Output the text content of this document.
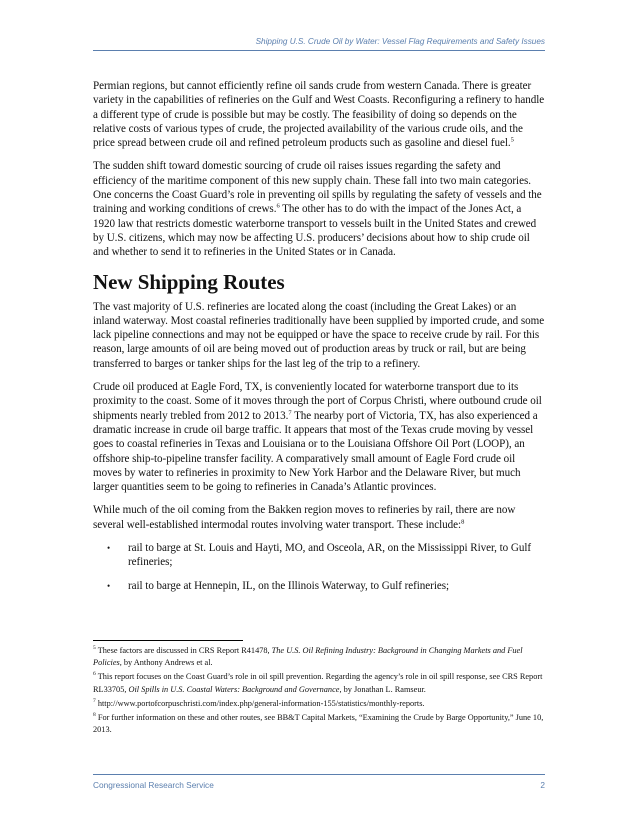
Shipping U.S. Crude Oil by Water: Vessel Flag Requirements and Safety Issues

Permian regions, but cannot efficiently refine oil sands crude from western Canada. There is greater variety in the capabilities of refineries on the Gulf and West Coasts. Reconfiguring a refinery to handle a different type of crude is possible but may be costly. The feasibility of doing so depends on the relative costs of various types of crude, the projected availability of the various crude oils, and the price spread between crude oil and refined petroleum products such as gasoline and diesel fuel.$^5$

The sudden shift toward domestic sourcing of crude oil raises issues regarding the safety and efficiency of the maritime component of this new supply chain. These fall into two main categories. One concerns the Coast Guard’s role in preventing oil spills by regulating the safety of vessels and the training and working conditions of crews.$^6$ The other has to do with the impact of the Jones Act, a 1920 law that restricts domestic waterborne transport to vessels built in the United States and crewed by U.S. citizens, which may now be affecting U.S. producers’ decisions about how to ship crude oil and whether to send it to refineries in the United States or in Canada.

New Shipping Routes

The vast majority of U.S. refineries are located along the coast (including the Great Lakes) or an inland waterway. Most coastal refineries traditionally have been supplied by imported crude, and some lack pipeline connections and may not be equipped or have the space to receive crude by rail. For this reason, large amounts of oil are being moved out of production areas by truck or rail, but are being transferred to barges or tanker ships for the last leg of the trip to a refinery.

Crude oil produced at Eagle Ford, TX, is conveniently located for waterborne transport due to its proximity to the coast. Some of it moves through the port of Corpus Christi, where outbound crude oil shipments nearly trebled from 2012 to 2013.$^7$ The nearby port of Victoria, TX, has also experienced a dramatic increase in crude oil barge traffic. It appears that most of the Texas crude moving by vessel goes to coastal refineries in Texas and Louisiana or to the Louisiana Offshore Oil Port (LOOP), an offshore ship-to-pipeline transfer facility. A comparatively small amount of Eagle Ford crude oil moves by water to refineries in proximity to New York Harbor and the Delaware River, but much larger quantities seem to be going to refineries in Canada’s Atlantic provinces.

While much of the oil coming from the Bakken region moves to refineries by rail, there are now several well-established intermodal routes involving water transport. These include:$^8$

• rail to barge at St. Louis and Hayti, MO, and Osceola, AR, on the Mississippi River, to Gulf refineries;
• rail to barge at Hennepin, IL, on the Illinois Waterway, to Gulf refineries;

$^5$ These factors are discussed in CRS Report R41478, The U.S. Oil Refining Industry: Background in Changing Markets and Fuel Policies, by Anthony Andrews et al.

$^6$ This report focuses on the Coast Guard’s role in oil spill prevention. Regarding the agency’s role in oil spill response, see CRS Report RL33705, Oil Spills in U.S. Coastal Waters: Background and Governance, by Jonathan L. Ramseur.

$^7$ http://www.portofcorpuschristi.com/index.php/general-information-155/statistics/monthly-reports.

$^8$ For further information on these and other routes, see BB&T Capital Markets, “Examining the Crude by Barge Opportunity,” June 10, 2013.

Congressional Research Service	2
